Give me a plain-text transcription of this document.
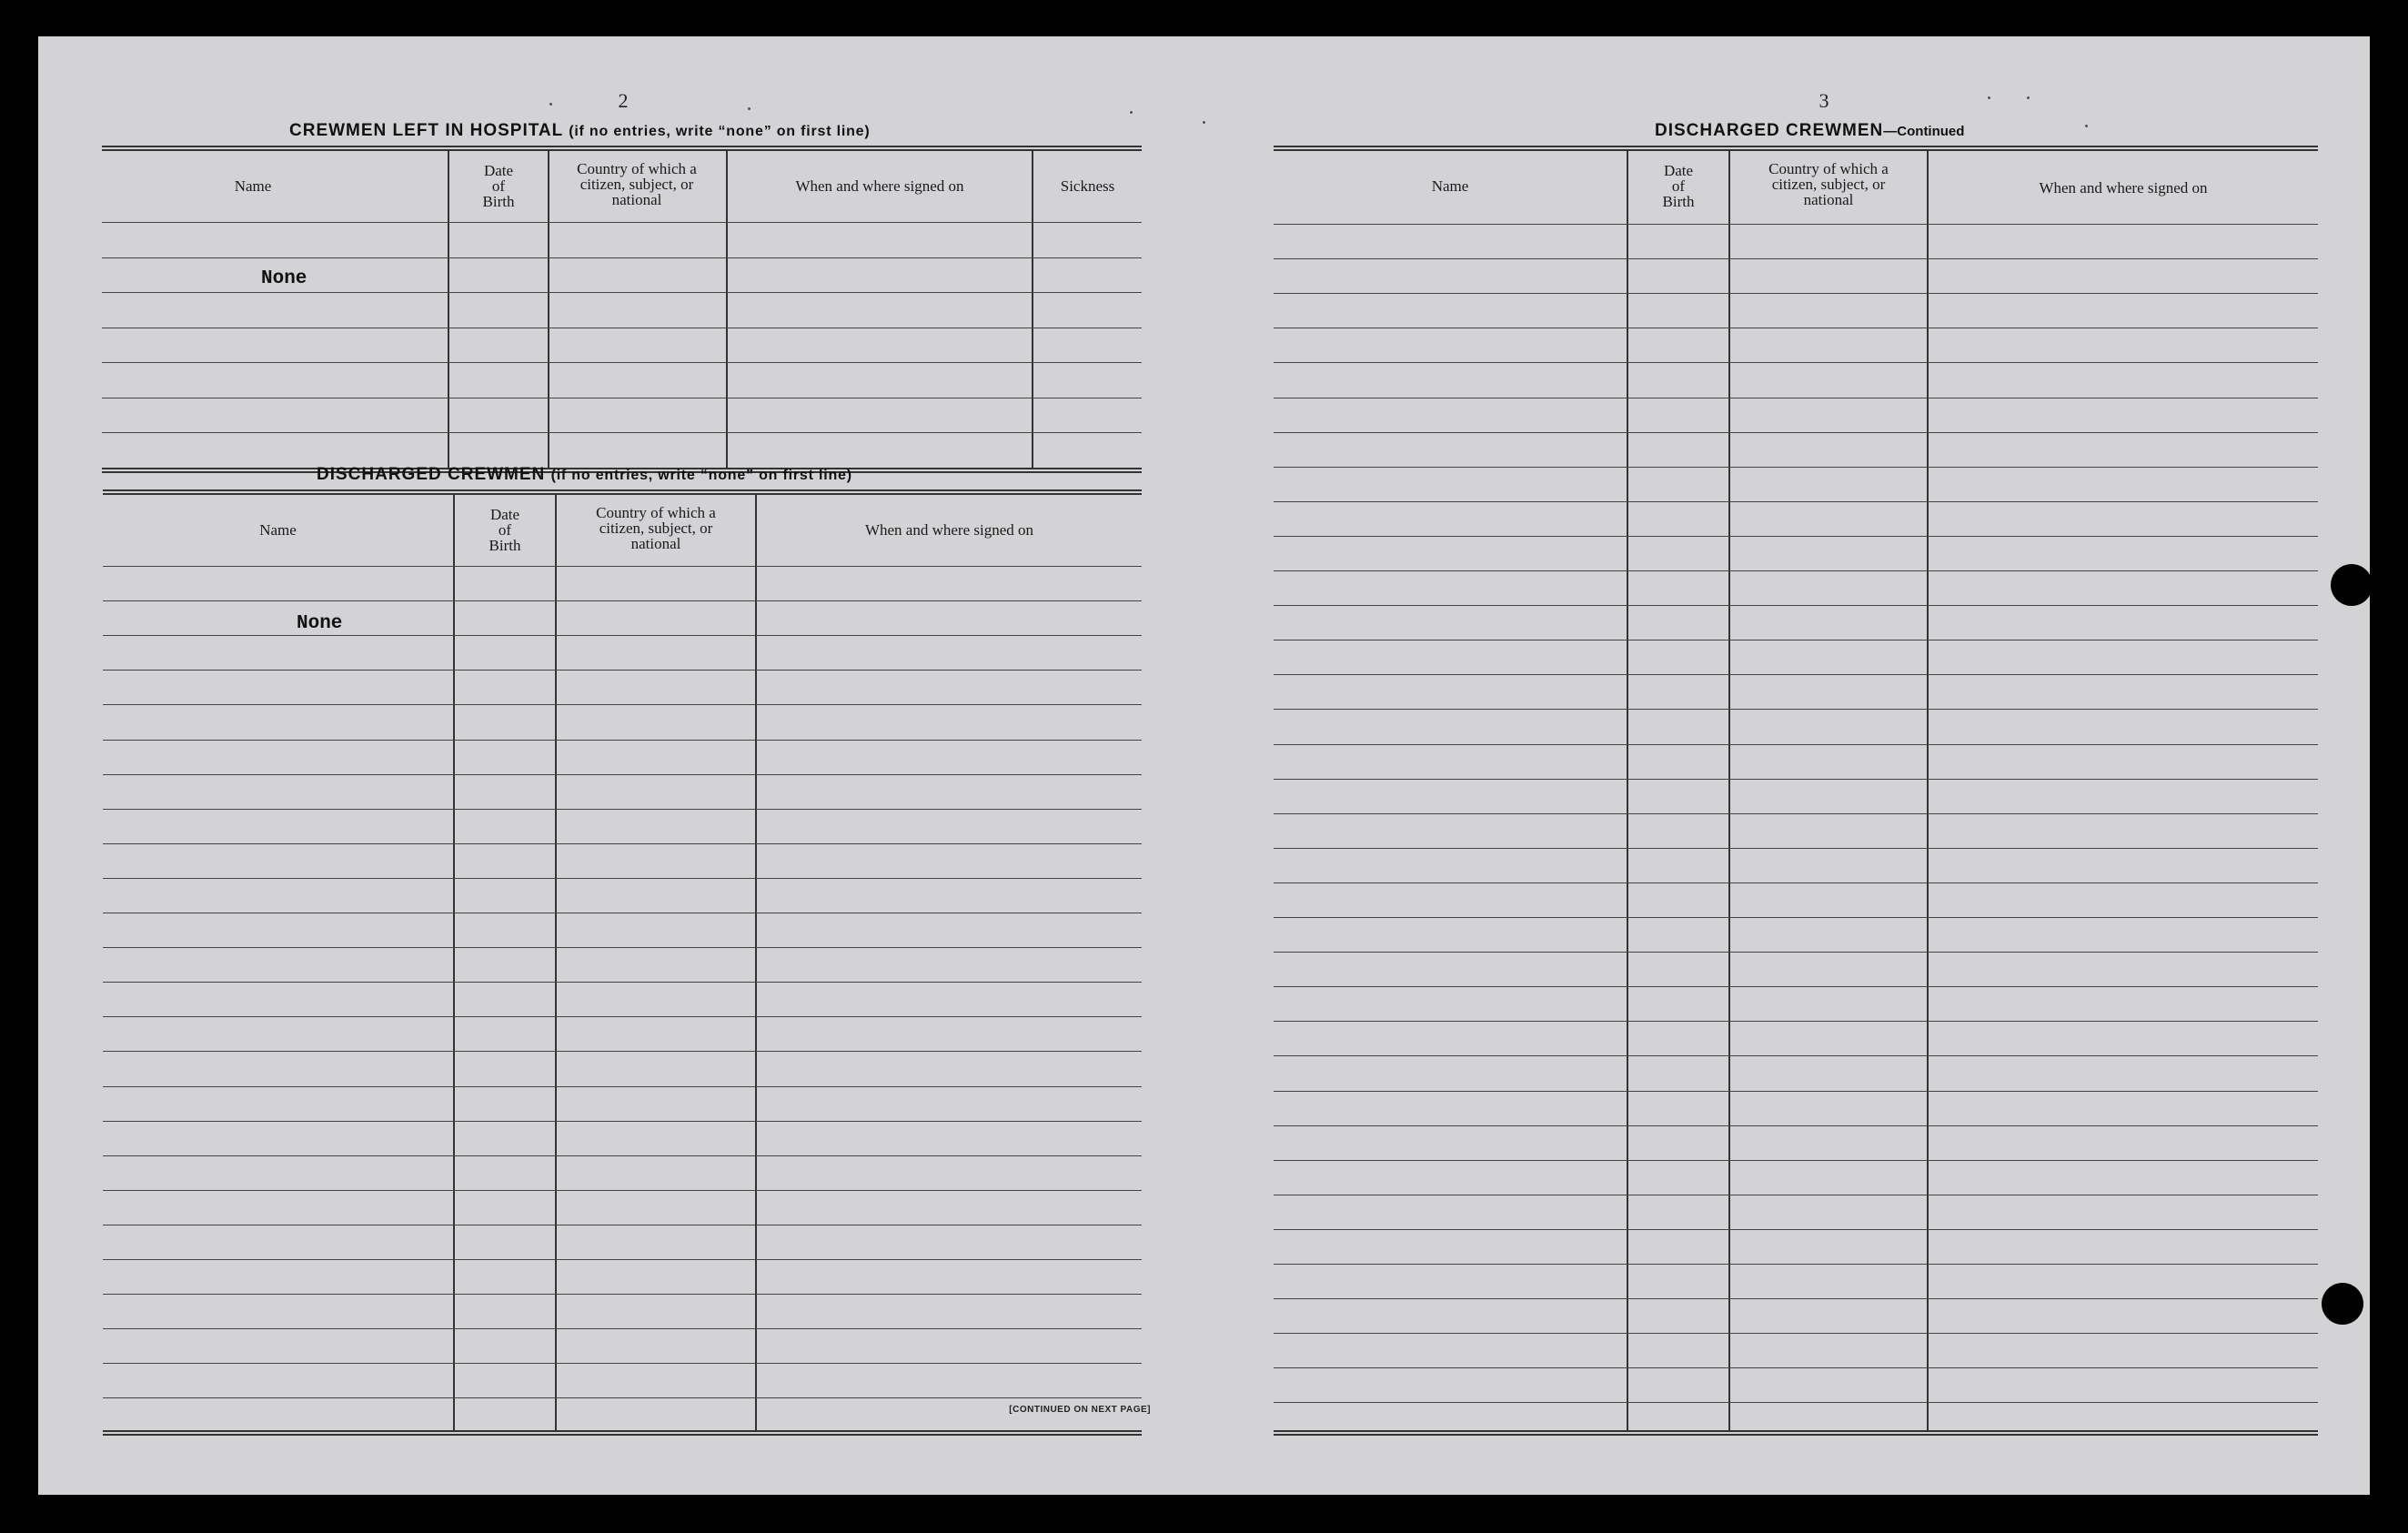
2
CREWMEN LEFT IN HOSPITAL (if no entries, write “none” on first line)
Name
Date
of
Birth
Country of which a
citizen, subject, or
national
When and where signed on	Sickness
None
DISCHARGED CREWMEN (if no entries, write “none” on first line)
Name
Date
of
Birth
Country of which a
citizen, subject, or
national
When and where signed on
None
[CONTINUED ON NEXT PAGE]
3
DISCHARGED CREWMEN—Continued
Name
Date
of
Birth
Country of which a
citizen, subject, or
national
When and where signed on
